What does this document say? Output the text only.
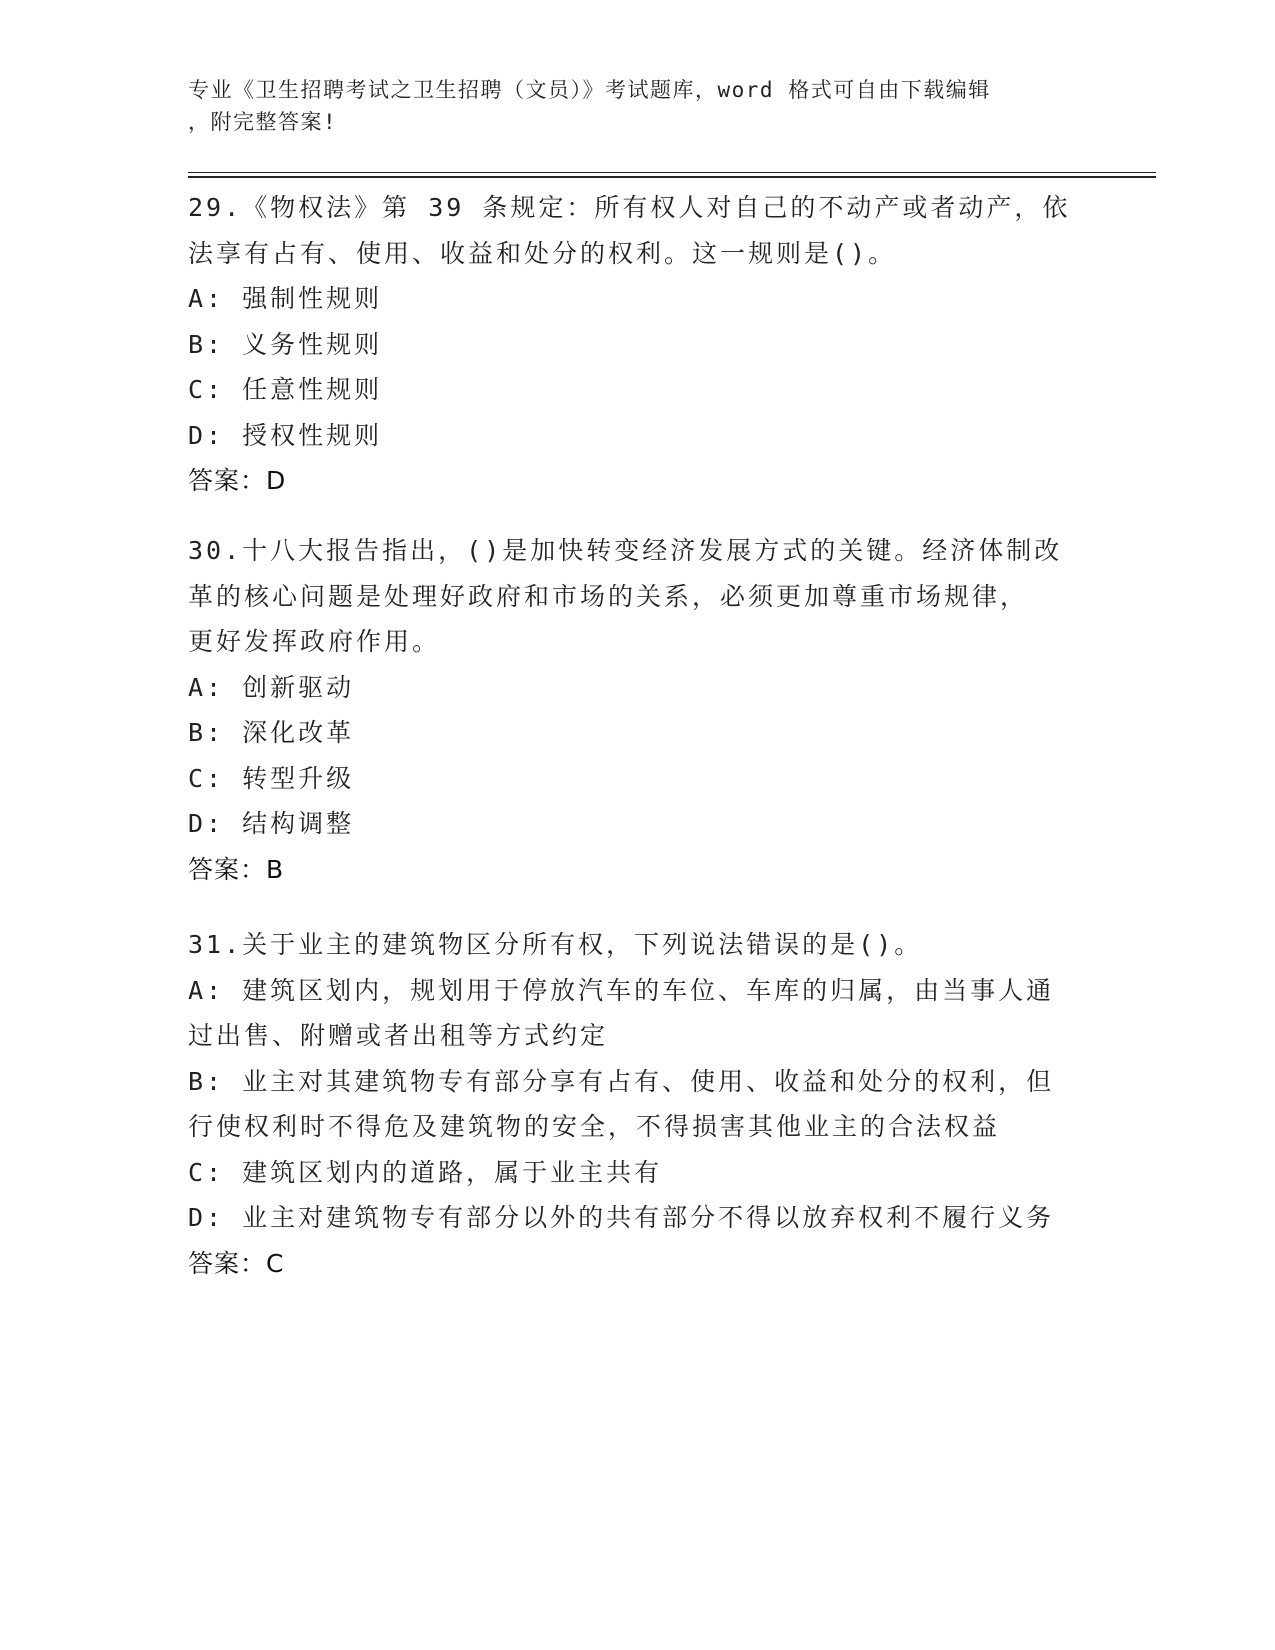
专业《卫生招聘考试之卫生招聘（文员）》考试题库，word 格式可自由下载编辑
，附完整答案!
29.《物权法》第 39 条规定：所有权人对自己的不动产或者动产，依
法享有占有、使用、收益和处分的权利。这一规则是()。
A: 强制性规则
B: 义务性规则
C: 任意性规则
D: 授权性规则
答案：D
30.十八大报告指出，()是加快转变经济发展方式的关键。经济体制改
革的核心问题是处理好政府和市场的关系，必须更加尊重市场规律，
更好发挥政府作用。
A: 创新驱动
B: 深化改革
C: 转型升级
D: 结构调整
答案：B
31.关于业主的建筑物区分所有权，下列说法错误的是()。
A: 建筑区划内，规划用于停放汽车的车位、车库的归属，由当事人通
过出售、附赠或者出租等方式约定
B: 业主对其建筑物专有部分享有占有、使用、收益和处分的权利，但
行使权利时不得危及建筑物的安全，不得损害其他业主的合法权益
C: 建筑区划内的道路，属于业主共有
D: 业主对建筑物专有部分以外的共有部分不得以放弃权利不履行义务
答案：C
